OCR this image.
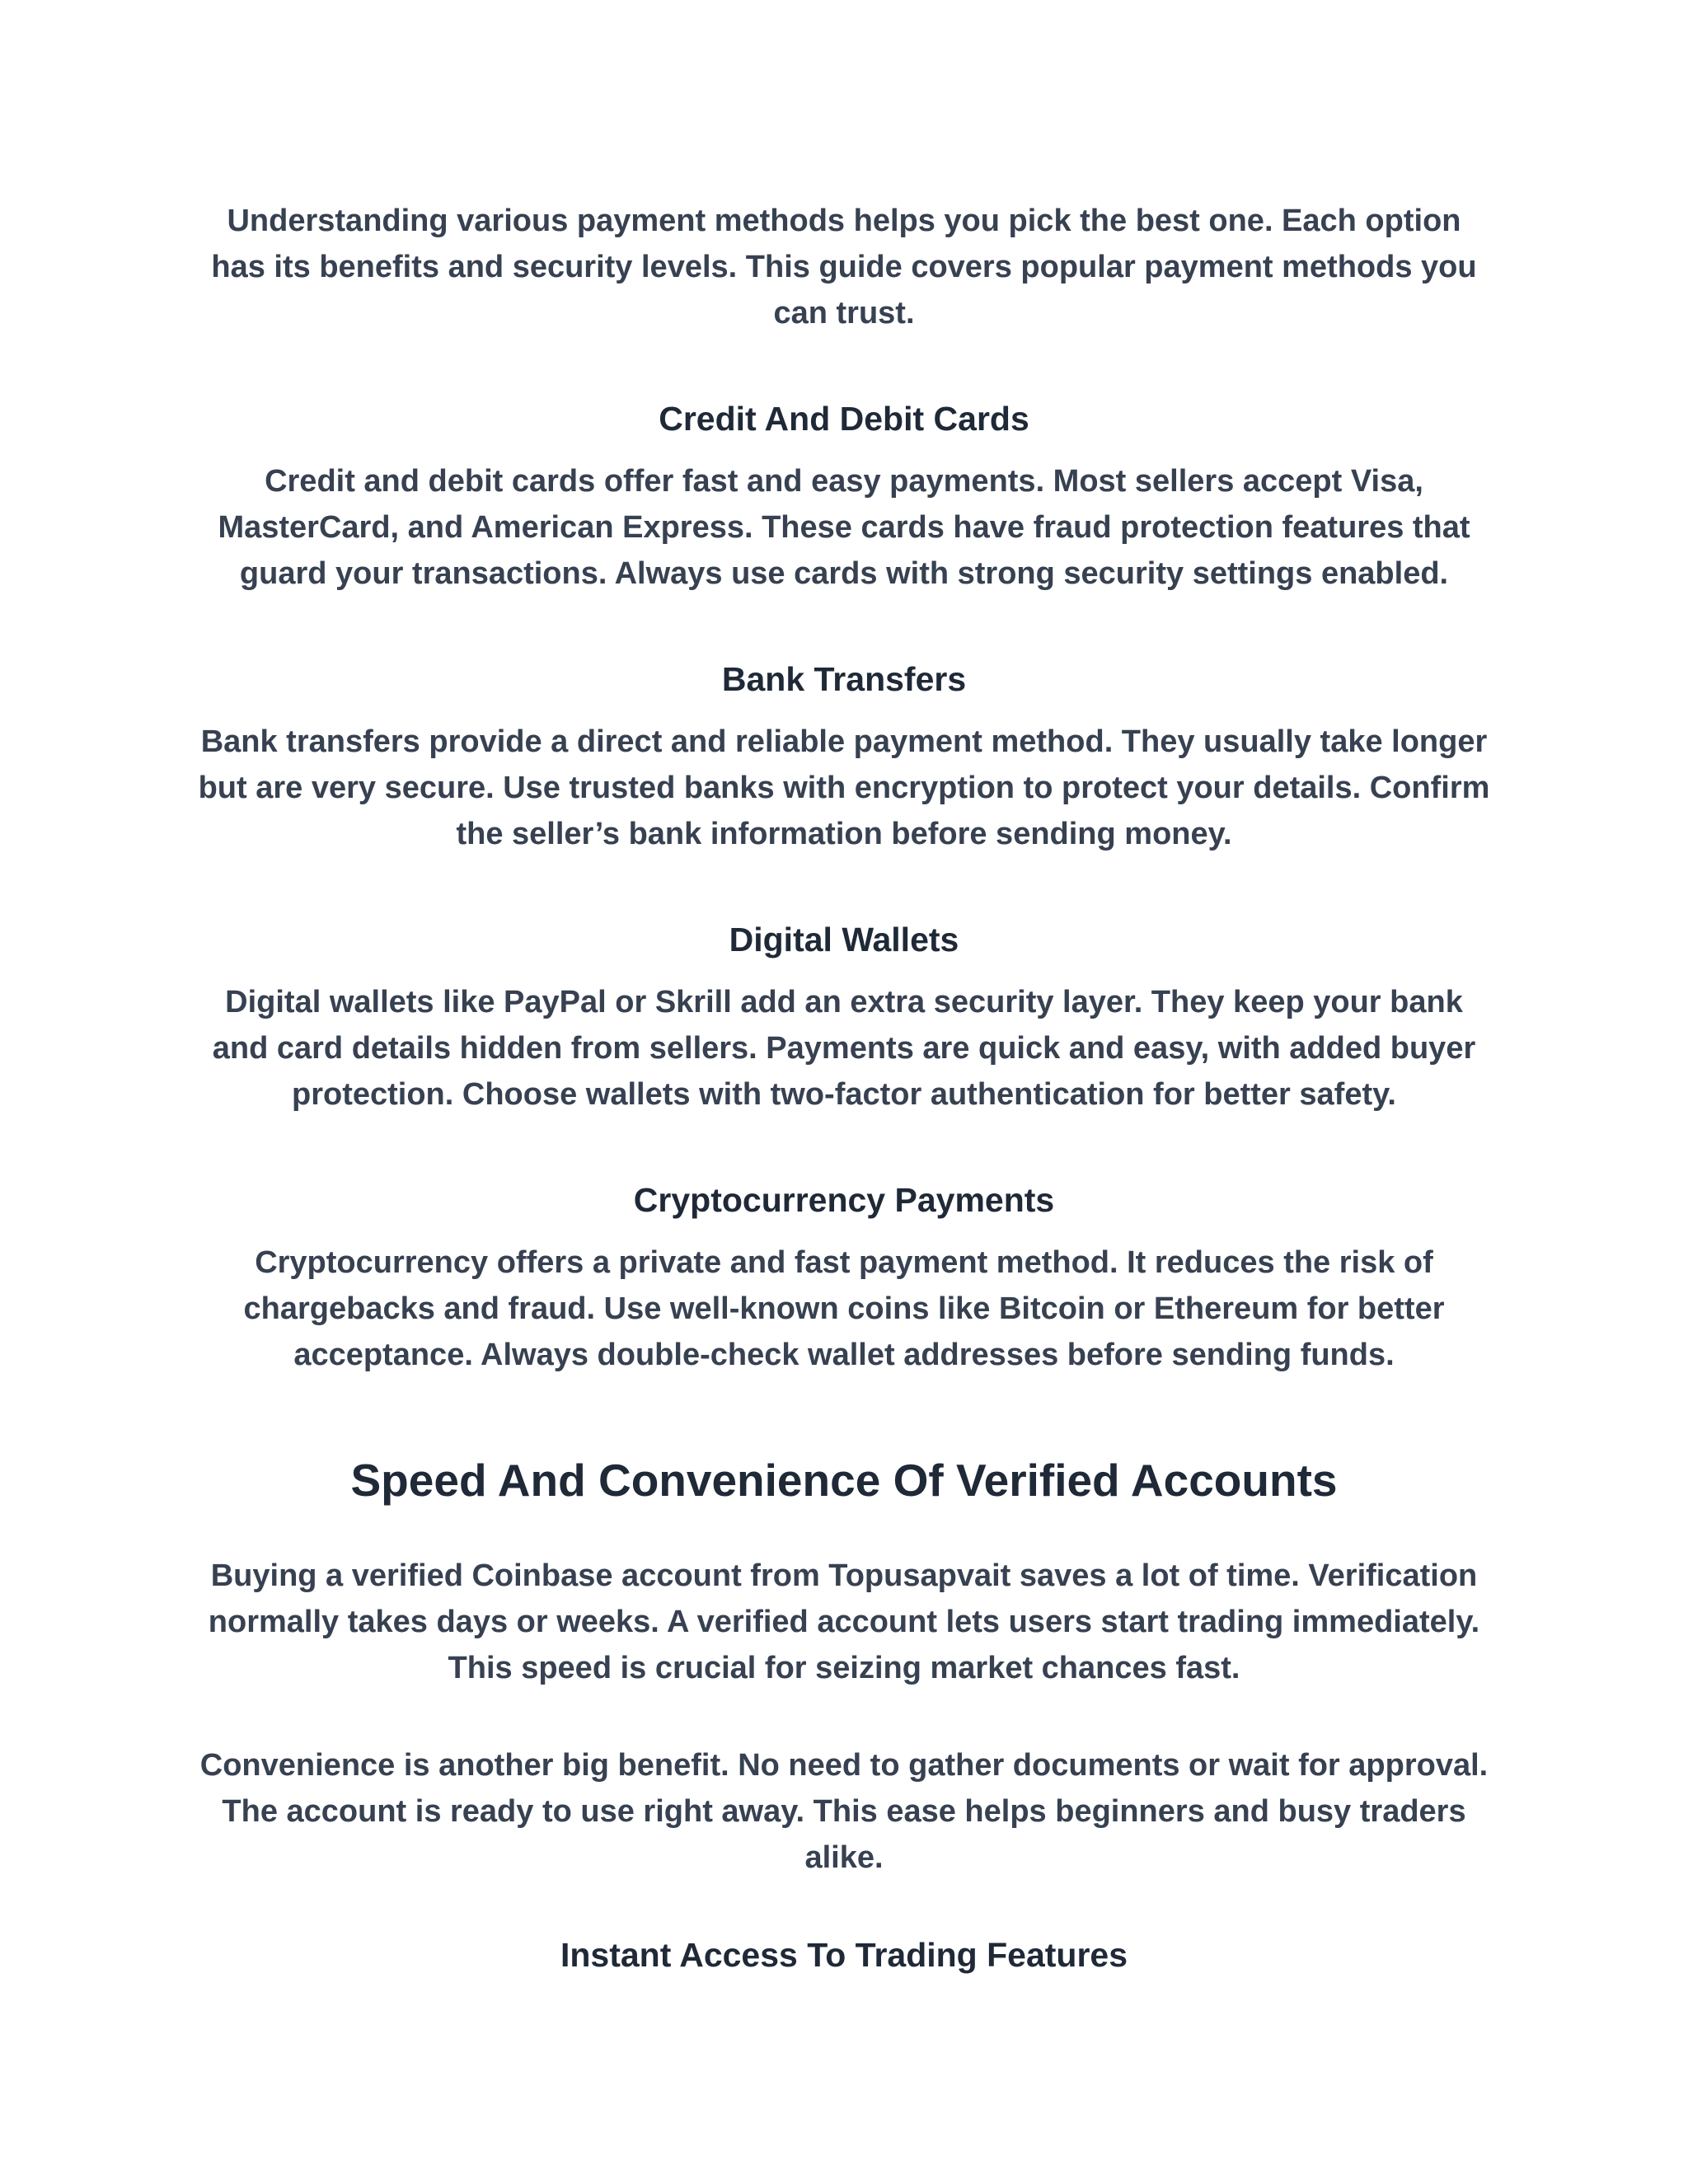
Understanding various payment methods helps you pick the best one. Each option has its benefits and security levels. This guide covers popular payment methods you can trust.

Credit And Debit Cards

Credit and debit cards offer fast and easy payments. Most sellers accept Visa, MasterCard, and American Express. These cards have fraud protection features that guard your transactions. Always use cards with strong security settings enabled.

Bank Transfers

Bank transfers provide a direct and reliable payment method. They usually take longer but are very secure. Use trusted banks with encryption to protect your details. Confirm the seller’s bank information before sending money.

Digital Wallets

Digital wallets like PayPal or Skrill add an extra security layer. They keep your bank and card details hidden from sellers. Payments are quick and easy, with added buyer protection. Choose wallets with two-factor authentication for better safety.

Cryptocurrency Payments

Cryptocurrency offers a private and fast payment method. It reduces the risk of chargebacks and fraud. Use well-known coins like Bitcoin or Ethereum for better acceptance. Always double-check wallet addresses before sending funds.

Speed And Convenience Of Verified Accounts

Buying a verified Coinbase account from Topusapvait saves a lot of time. Verification normally takes days or weeks. A verified account lets users start trading immediately. This speed is crucial for seizing market chances fast.

Convenience is another big benefit. No need to gather documents or wait for approval. The account is ready to use right away. This ease helps beginners and busy traders alike.

Instant Access To Trading Features
